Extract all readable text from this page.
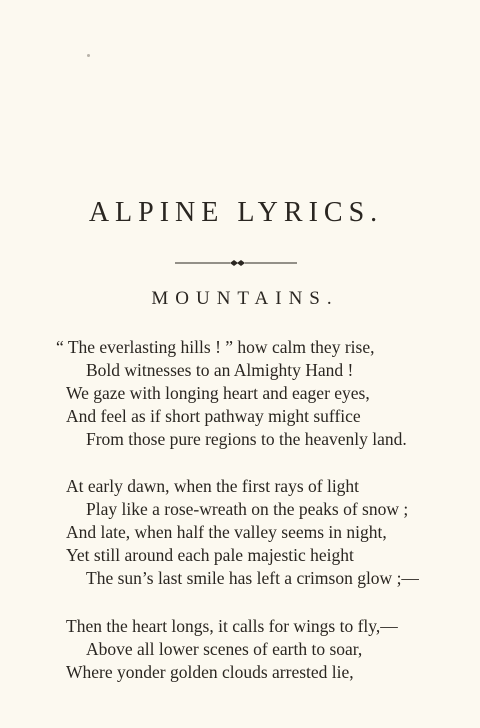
ALPINE LYRICS.
MOUNTAINS.
“ The everlasting hills ! ” how calm they rise,
Bold witnesses to an Almighty Hand !
We gaze with longing heart and eager eyes,
And feel as if short pathway might suffice
From those pure regions to the heavenly land.
At early dawn, when the first rays of light
Play like a rose-wreath on the peaks of snow ;
And late, when half the valley seems in night,
Yet still around each pale majestic height
The sun’s last smile has left a crimson glow ;—
Then the heart longs, it calls for wings to fly,—
Above all lower scenes of earth to soar,
Where yonder golden clouds arrested lie,
